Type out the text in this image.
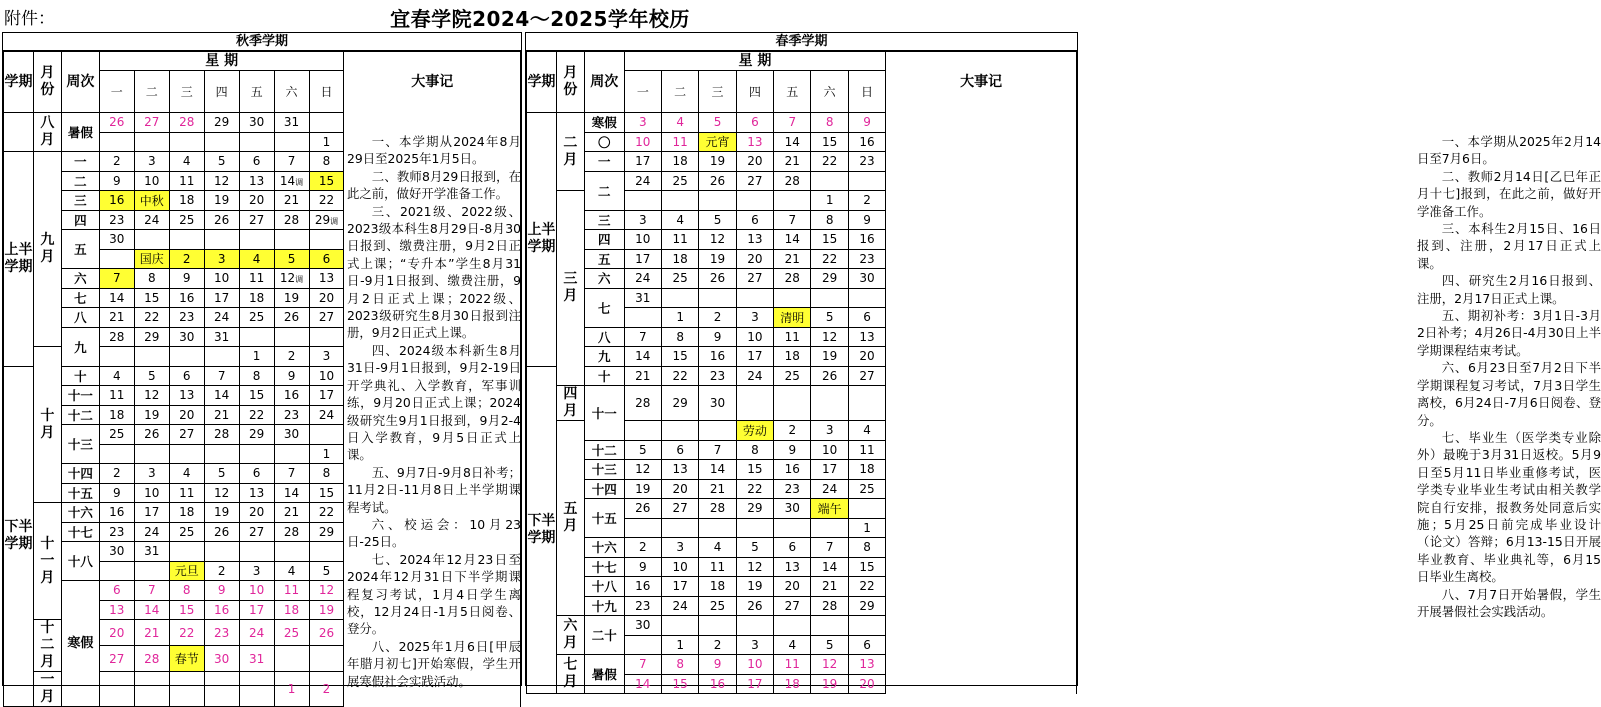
附件：	宜春学院2024～2025学年校历
秋季学期
学期	月份	周次	星 期							大事记
			一	二	三	四	五	六	日	

	八月	暑假	26	27	28	29	30	31		
									1	
上半学期	九月	一	2	3	4	5	6	7	8	
		二	9	10	11	12	13	14调	15	
		三	16	中秋	18	19	20	21	22	
		四	23	24	25	26	27	28	29调	
		五	30							
				国庆	2	3	4	5	6	
		六	7	8	9	10	11	12调	13	
		七	14	15	16	17	18	19	20	
		八	21	22	23	24	25	26	27	
		九	28	29	30	31				
	十月						1	2	3	
下半学期		十	4	5	6	7	8	9	10	
		十一	11	12	13	14	15	16	17	
		十二	18	19	20	21	22	23	24	
		十三	25	26	27	28	29	30		
									1	
		十四	2	3	4	5	6	7	8	
		十五	9	10	11	12	13	14	15	
	十一月	十六	16	17	18	19	20	21	22	
		十七	23	24	25	26	27	28	29	
		十八	30	31						
					元旦	2	3	4	5	
		寒假	6	7	8	9	10	11	12	
			13	14	15	16	17	18	19	
	十二月		20	21	22	23	24	25	26	
			27	28	春节	30	31			
	一月							1	2	
一、本学期从2024年8月29日至2025年1月5日。
二、教师8月29日报到，在此之前，做好开学准备工作。
三、2021级、2022级、2023级本科生8月29日-8月30日报到、缴费注册，9月2日正式上课；“专升本”学生8月31日-9月1日报到、缴费注册，9月2日正式上课；2022级、2023级研究生8月30日报到注册，9月2日正式上课。
四、2024级本科新生8月31日-9月1日报到，9月2-19日开学典礼、入学教育，军事训练，9月20日正式上课；2024级研究生9月1日报到，9月2-4日入学教育，9月5日正式上课。
五、9月7日-9月8日补考；11月2日-11月8日上半学期课程考试。
六、校运会：10月23日-25日。
七、2024年12月23日至2024年12月31日下半学期课程复习考试，1月4日学生离校，12月24日-1月5日阅卷、登分。
八、2025年1月6日[甲辰年腊月初七]开始寒假，学生开展寒假社会实践活动。
春季学期
学期	月份	周次	星 期							大事记
			一	二	三	四	五	六	日	

上半学期	二月	寒假	3	4	5	6	7	8	9	
		〇	10	11	元宵	13	14	15	16	
		一	17	18	19	20	21	22	23	
		二	24	25	26	27	28			
	三月							1	2	
		三	3	4	5	6	7	8	9	
		四	10	11	12	13	14	15	16	
		五	17	18	19	20	21	22	23	
		六	24	25	26	27	28	29	30	
		七	31							
				1	2	3	清明	5	6	
		八	7	8	9	10	11	12	13	
		九	14	15	16	17	18	19	20	
下半学期		十	21	22	23	24	25	26	27	
	四月	十一	28	29	30					
	五月					劳动	2	3	4	
		十二	5	6	7	8	9	10	11	
		十三	12	13	14	15	16	17	18	
		十四	19	20	21	22	23	24	25	
		十五	26	27	28	29	30	端午		
									1	
		十六	2	3	4	5	6	7	8	
		十七	9	10	11	12	13	14	15	
		十八	16	17	18	19	20	21	22	
		十九	23	24	25	26	27	28	29	
	六月	二十	30							
				1	2	3	4	5	6	
	七月	暑假	7	8	9	10	11	12	13	
			14	15	16	17	18	19	20	
一、本学期从2025年2月14日至7月6日。
二、教师2月14日[乙巳年正月十七]报到，在此之前，做好开学准备工作。
三、本科生2月15日、16日报到、注册，2月17日正式上课。
四、研究生2月16日报到、注册，2月17日正式上课。
五、期初补考：3月1日-3月2日补考；4月26日-4月30日上半学期课程结束考试。
六、6月23日至7月2日下半学期课程复习考试，7月3日学生离校，6月24日-7月6日阅卷、登分。
七、毕业生（医学类专业除外）最晚于3月31日返校。5月9日至5月11日毕业重修考试，医学类专业毕业生考试由相关教学院自行安排，报教务处同意后实施；5月25日前完成毕业设计（论文）答辩；6月13-15日开展毕业教育、毕业典礼等，6月15日毕业生离校。
八、7月7日开始暑假，学生开展暑假社会实践活动。
